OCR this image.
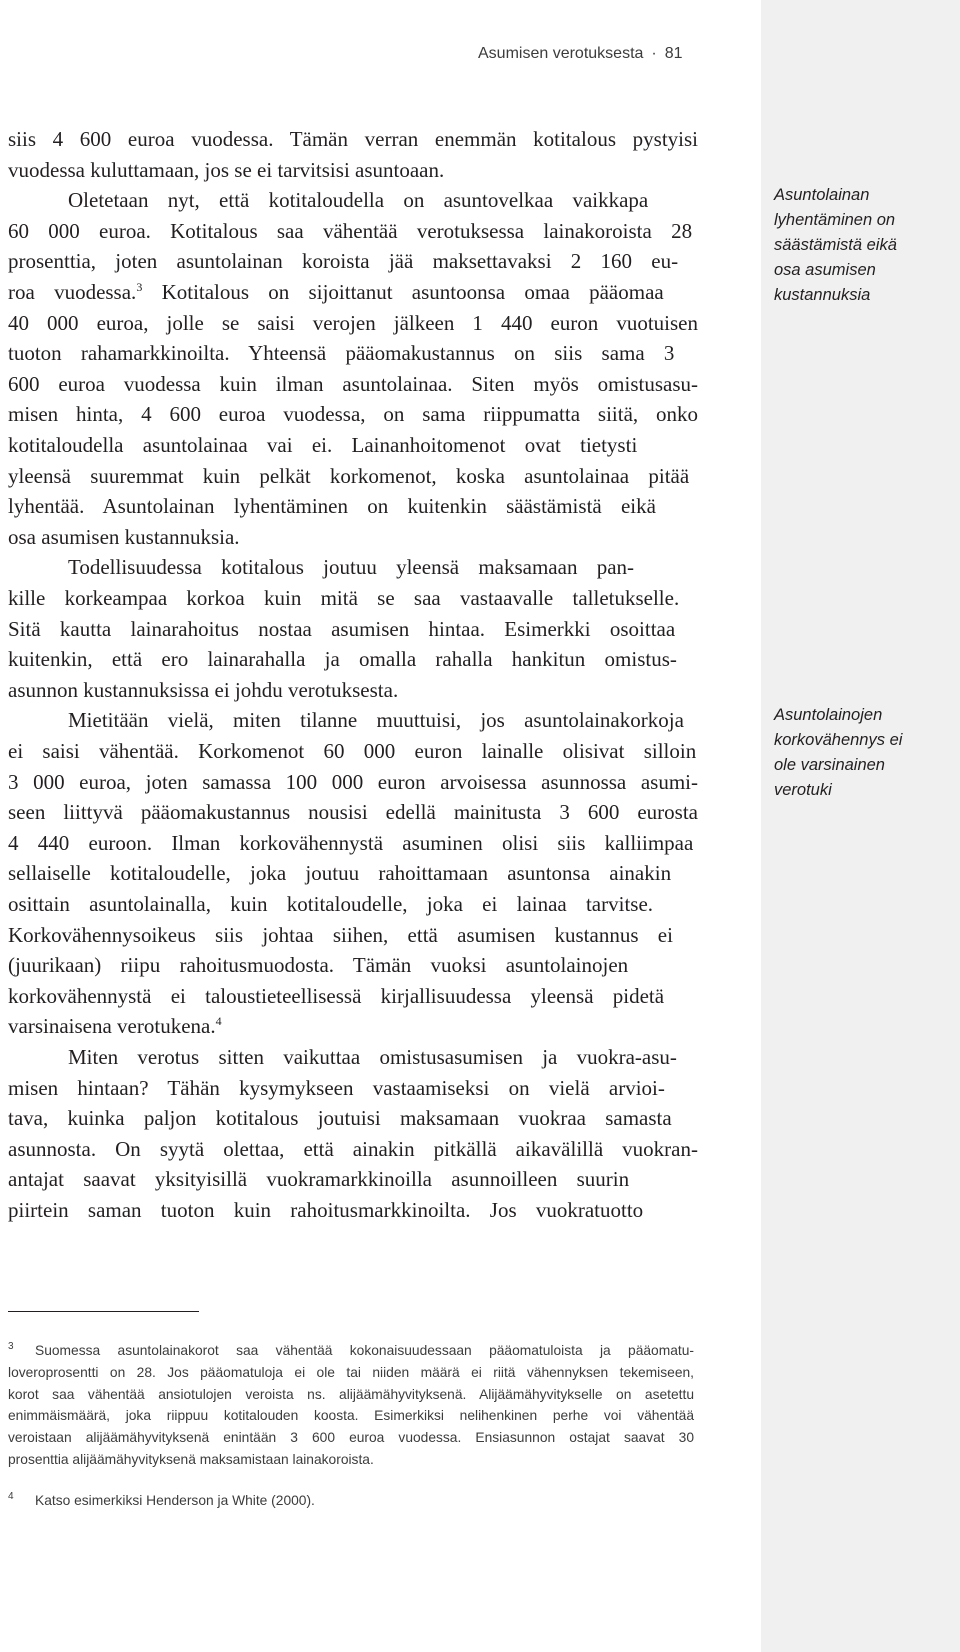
Asumisen verotuksesta · 81
siis 4 600 euroa vuodessa. Tämän verran enemmän kotitalous pystyisi
vuodessa kuluttamaan, jos se ei tarvitsisi asuntoaan.
Oletetaan nyt, että kotitaloudella on asuntovelkaa vaikkapa
60 000 euroa. Kotitalous saa vähentää verotuksessa lainakoroista 28
prosenttia, joten asuntolainan koroista jää maksettavaksi 2 160 eu-
roa vuodessa.$^3$ Kotitalous on sijoittanut asuntoonsa omaa pääomaa
40 000 euroa, jolle se saisi verojen jälkeen 1 440 euron vuotuisen
tuoton rahamarkkinoilta. Yhteensä pääomakustannus on siis sama 3
600 euroa vuodessa kuin ilman asuntolainaa. Siten myös omistusasu-
misen hinta, 4 600 euroa vuodessa, on sama riippumatta siitä, onko
kotitaloudella asuntolainaa vai ei. Lainanhoitomenot ovat tietysti
yleensä suuremmat kuin pelkät korkomenot, koska asuntolainaa pitää
lyhentää. Asuntolainan lyhentäminen on kuitenkin säästämistä eikä
osa asumisen kustannuksia.
Todellisuudessa kotitalous joutuu yleensä maksamaan pan-
kille korkeampaa korkoa kuin mitä se saa vastaavalle talletukselle.
Sitä kautta lainarahoitus nostaa asumisen hintaa. Esimerkki osoittaa
kuitenkin, että ero lainarahalla ja omalla rahalla hankitun omistus-
asunnon kustannuksissa ei johdu verotuksesta.
Mietitään vielä, miten tilanne muuttuisi, jos asuntolainakorkoja
ei saisi vähentää. Korkomenot 60 000 euron lainalle olisivat silloin
3 000 euroa, joten samassa 100 000 euron arvoisessa asunnossa asumi-
seen liittyvä pääomakustannus nousisi edellä mainitusta 3 600 eurosta
4 440 euroon. Ilman korkovähennystä asuminen olisi siis kalliimpaa
sellaiselle kotitaloudelle, joka joutuu rahoittamaan asuntonsa ainakin
osittain asuntolainalla, kuin kotitaloudelle, joka ei lainaa tarvitse.
Korkovähennysoikeus siis johtaa siihen, että asumisen kustannus ei
(juurikaan) riipu rahoitusmuodosta. Tämän vuoksi asuntolainojen
korkovähennystä ei taloustieteellisessä kirjallisuudessa yleensä pidetä
varsinaisena verotukena.$^4$
Miten verotus sitten vaikuttaa omistusasumisen ja vuokra-asu-
misen hintaan? Tähän kysymykseen vastaamiseksi on vielä arvioi-
tava, kuinka paljon kotitalous joutuisi maksamaan vuokraa samasta
asunnosta. On syytä olettaa, että ainakin pitkällä aikavälillä vuokran-
antajat saavat yksityisillä vuokramarkkinoilla asunnoilleen suurin
piirtein saman tuoton kuin rahoitusmarkkinoilta. Jos vuokratuotto
Asuntolainan
lyhentäminen on
säästämistä eikä
osa asumisen
kustannuksia
Asuntolainojen
korkovähennys ei
ole varsinainen
verotuki
3 Suomessa asuntolainakorot saa vähentää kokonaisuudessaan pääomatuloista ja pääomatu-
loveroprosentti on 28. Jos pääomatuloja ei ole tai niiden määrä ei riitä vähennyksen tekemiseen,
korot saa vähentää ansiotulojen veroista ns. alijäämähyvityksenä. Alijäämähyvitykselle on asetettu
enimmäismäärä, joka riippuu kotitalouden koosta. Esimerkiksi nelihenkinen perhe voi vähentää
veroistaan alijäämähyvityksenä enintään 3 600 euroa vuodessa. Ensiasunnon ostajat saavat 30
prosenttia alijäämähyvityksenä maksamistaan lainakoroista.
4 Katso esimerkiksi Henderson ja White (2000).
